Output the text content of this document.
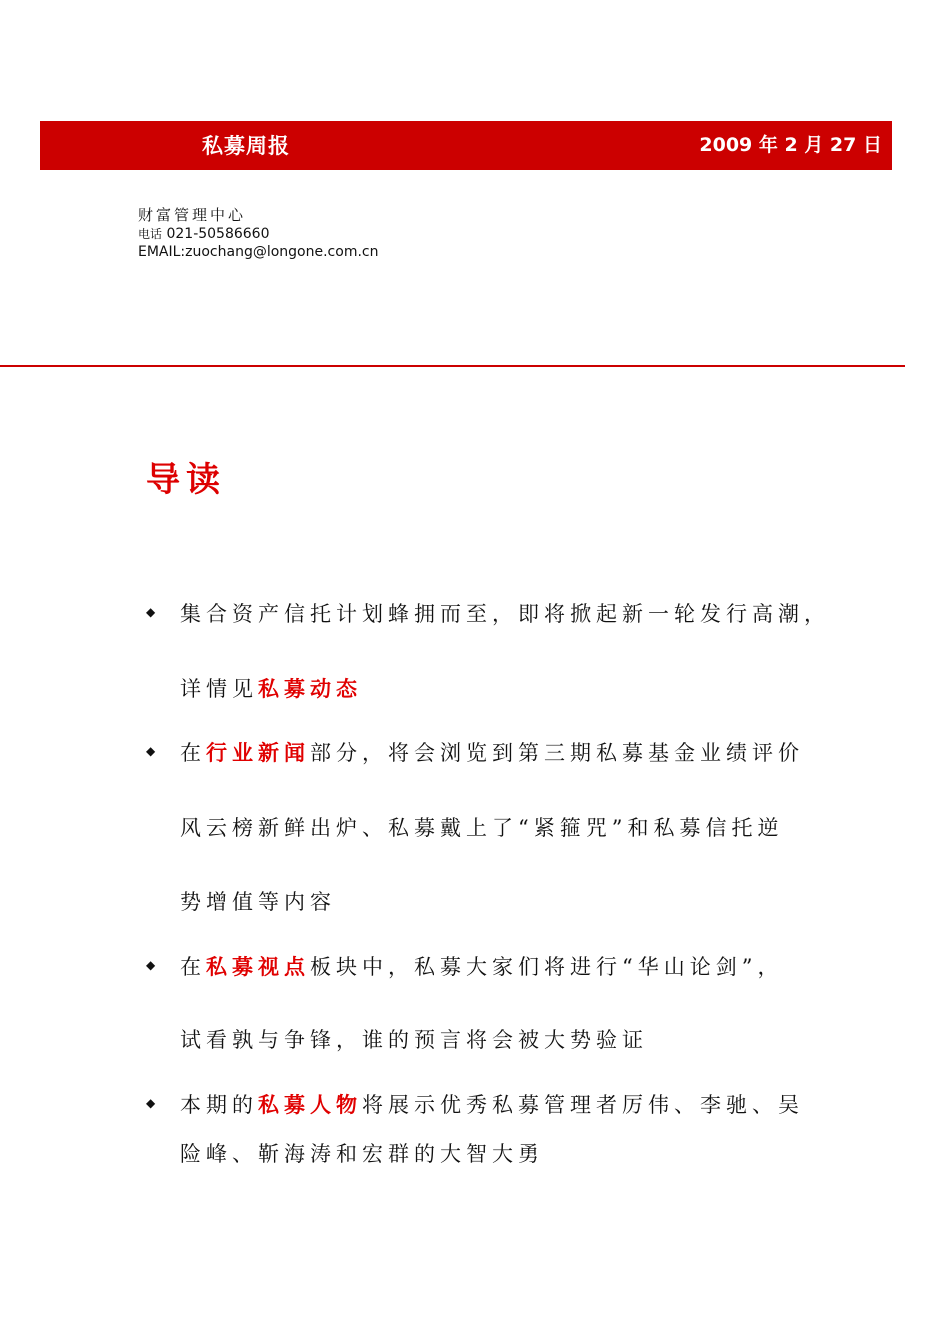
私募周报	2009 年 2 月 27 日
财富管理中心
电话 021-50586660
EMAIL:zuochang@longone.com.cn
导读
◆ 集合资产信托计划蜂拥而至，即将掀起新一轮发行高潮，
详情见私募动态
◆ 在行业新闻部分，将会浏览到第三期私募基金业绩评价
风云榜新鲜出炉、私募戴上了“紧箍咒”和私募信托逆
势增值等内容
◆ 在私募视点板块中，私募大家们将进行“华山论剑”，
试看孰与争锋，谁的预言将会被大势验证
◆ 本期的私募人物将展示优秀私募管理者厉伟、李驰、吴
险峰、靳海涛和宏群的大智大勇
